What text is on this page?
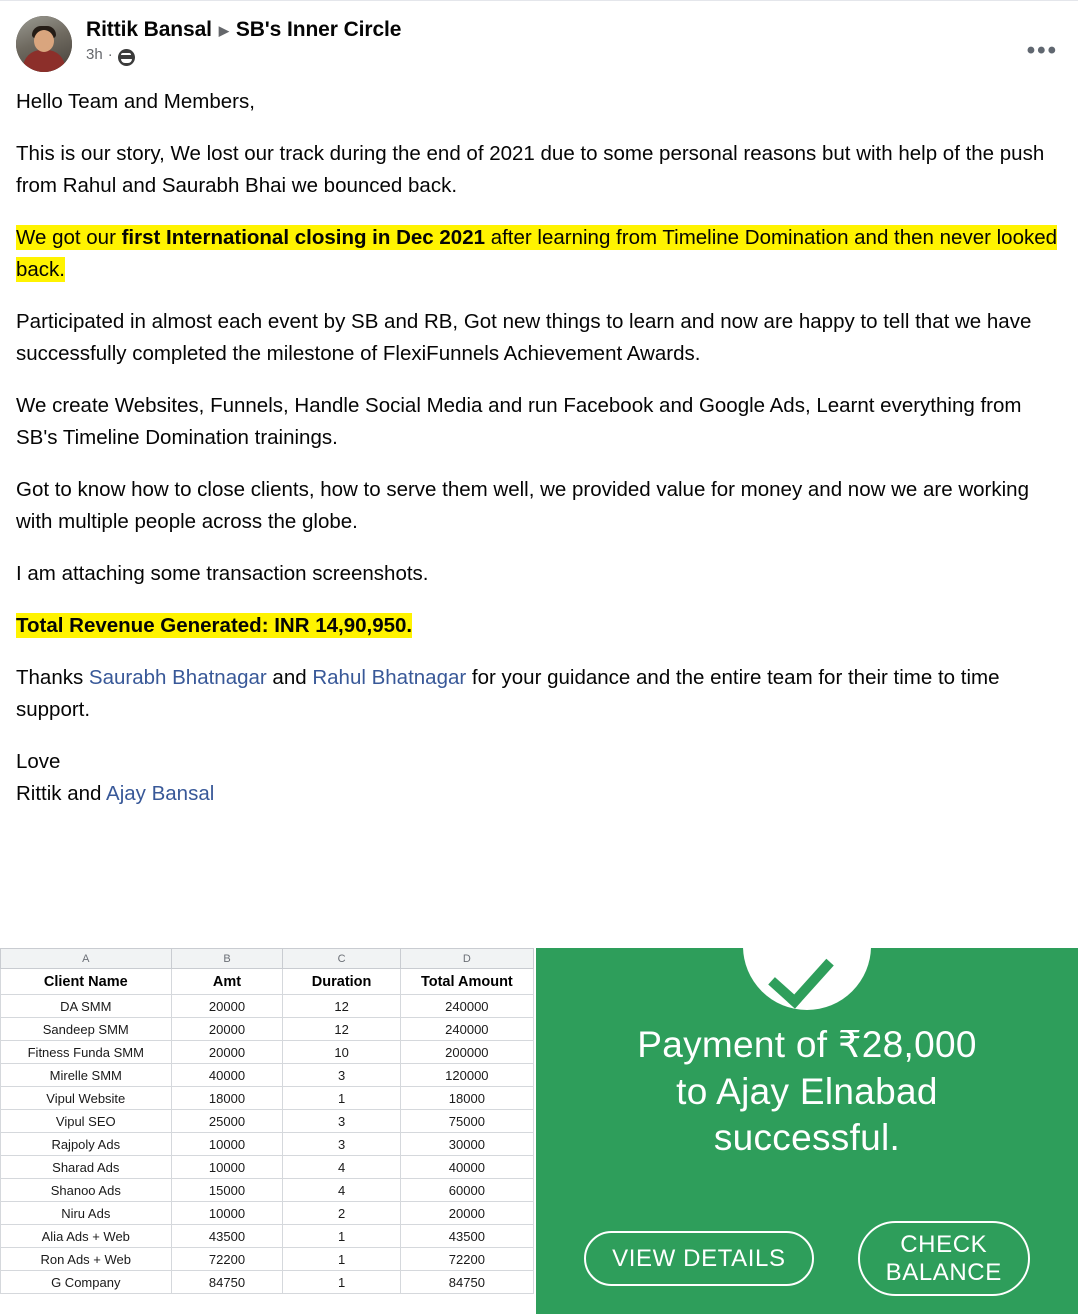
Rittik Bansal ▶ SB's Inner Circle
3h ·	•••

Hello Team and Members,

This is our story, We lost our track during the end of 2021 due to some personal reasons but with help of the push from Rahul and Saurabh Bhai we bounced back.

We got our first International closing in Dec 2021 after learning from Timeline Domination and then never looked back.

Participated in almost each event by SB and RB, Got new things to learn and now are happy to tell that we have successfully completed the milestone of FlexiFunnels Achievement Awards.

We create Websites, Funnels, Handle Social Media and run Facebook and Google Ads, Learnt everything from SB's Timeline Domination trainings.

Got to know how to close clients, how to serve them well, we provided value for money and now we are working with multiple people across the globe.

I am attaching some transaction screenshots.

Total Revenue Generated: INR 14,90,950.

Thanks Saurabh Bhatnagar and Rahul Bhatnagar for your guidance and the entire team for their time to time support.

Love

Rittik and Ajay Bansal

A	B	C	D
Client Name	Amt	Duration	Total Amount
DA SMM	20000	12	240000
Sandeep SMM	20000	12	240000
Fitness Funda SMM	20000	10	200000
Mirelle SMM	40000	3	120000
Vipul Website	18000	1	18000
Vipul SEO	25000	3	75000
Rajpoly Ads	10000	3	30000
Sharad Ads	10000	4	40000
Shanoo Ads	15000	4	60000
Niru Ads	10000	2	20000
Alia Ads + Web	43500	1	43500
Ron Ads + Web	72200	1	72200
G Company	84750	1	84750
Payment of ₹28,000
to Ajay Elnabad
successful.
VIEW DETAILS
CHECK
BALANCE
